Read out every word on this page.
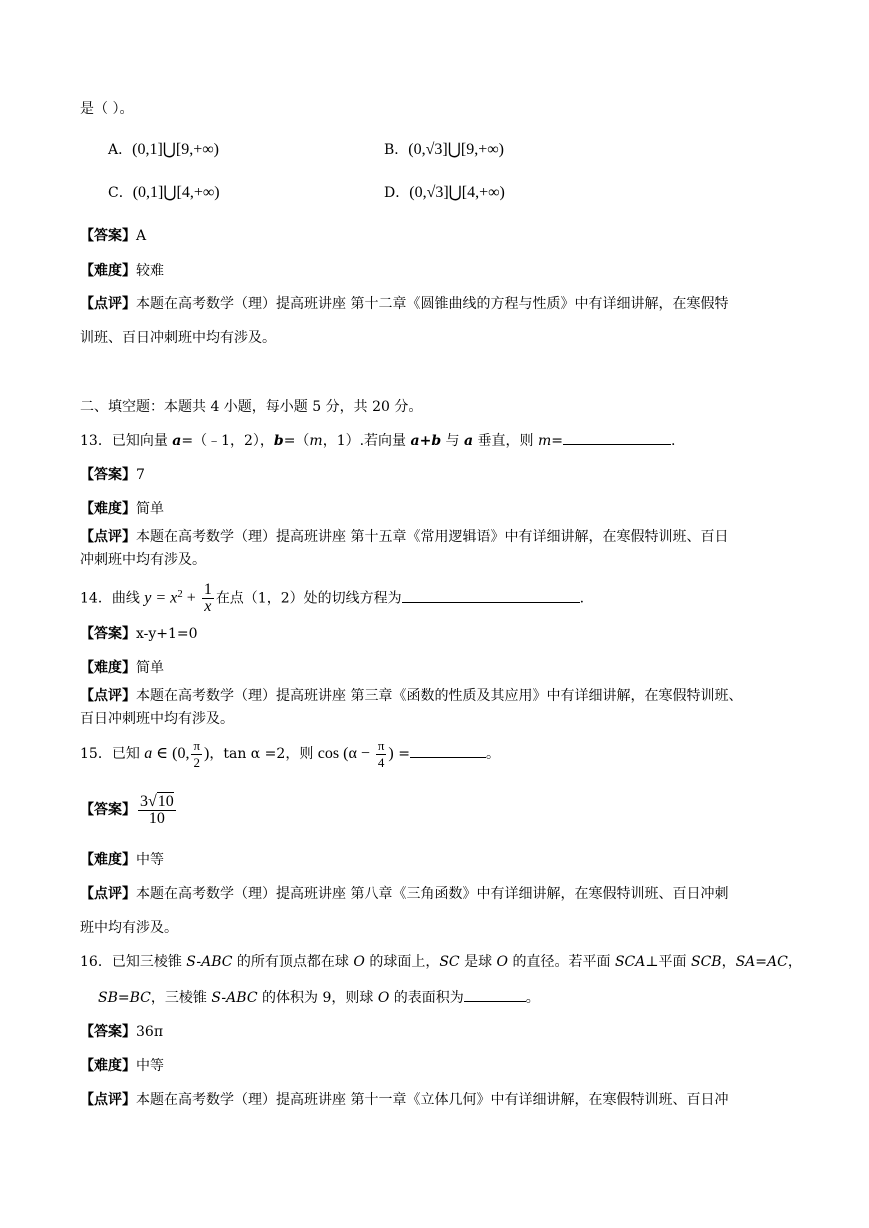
是（ ）。
A．(0,1]⋃[9,+∞)	B．(0,√3]⋃[9,+∞)
C．(0,1]⋃[4,+∞)	D．(0,√3]⋃[4,+∞)
【答案】A
【难度】较难
【点评】本题在高考数学（理）提高班讲座 第十二章《圆锥曲线的方程与性质》中有详细讲解，在寒假特
训班、百日冲刺班中均有涉及。
二、填空题：本题共 4 小题，每小题 5 分，共 20 分。
13．已知向量 a=（﹣1，2），b=（m，1）.若向量 a+b 与 a 垂直，则 m=	.
【答案】7
【难度】简单
【点评】本题在高考数学（理）提高班讲座 第十五章《常用逻辑语》中有详细讲解，在寒假特训班、百日
冲刺班中均有涉及。
14．曲线 $y = x^2 + \frac{1}{x}$ 在点（1，2）处的切线方程为	.
【答案】x-y+1=0
【难度】简单
【点评】本题在高考数学（理）提高班讲座 第三章《函数的性质及其应用》中有详细讲解，在寒假特训班、
百日冲刺班中均有涉及。
15．已知 a ∈ (0, $\frac{\pi}{2}$ )，tan α =2，则 $\cos (\alpha - \frac{\pi}{4}$ ) =	。
【答案】 $\frac{3√10}{10}$
【难度】中等
【点评】本题在高考数学（理）提高班讲座 第八章《三角函数》中有详细讲解，在寒假特训班、百日冲刺
班中均有涉及。
16．已知三棱锥 S-ABC 的所有顶点都在球 O 的球面上，SC 是球 O 的直径。若平面 SCA⊥平面 SCB，SA=AC，
SB=BC，三棱锥 S-ABC 的体积为 9，则球 O 的表面积为	。
【答案】36π
【难度】中等
【点评】本题在高考数学（理）提高班讲座 第十一章《立体几何》中有详细讲解，在寒假特训班、百日冲
